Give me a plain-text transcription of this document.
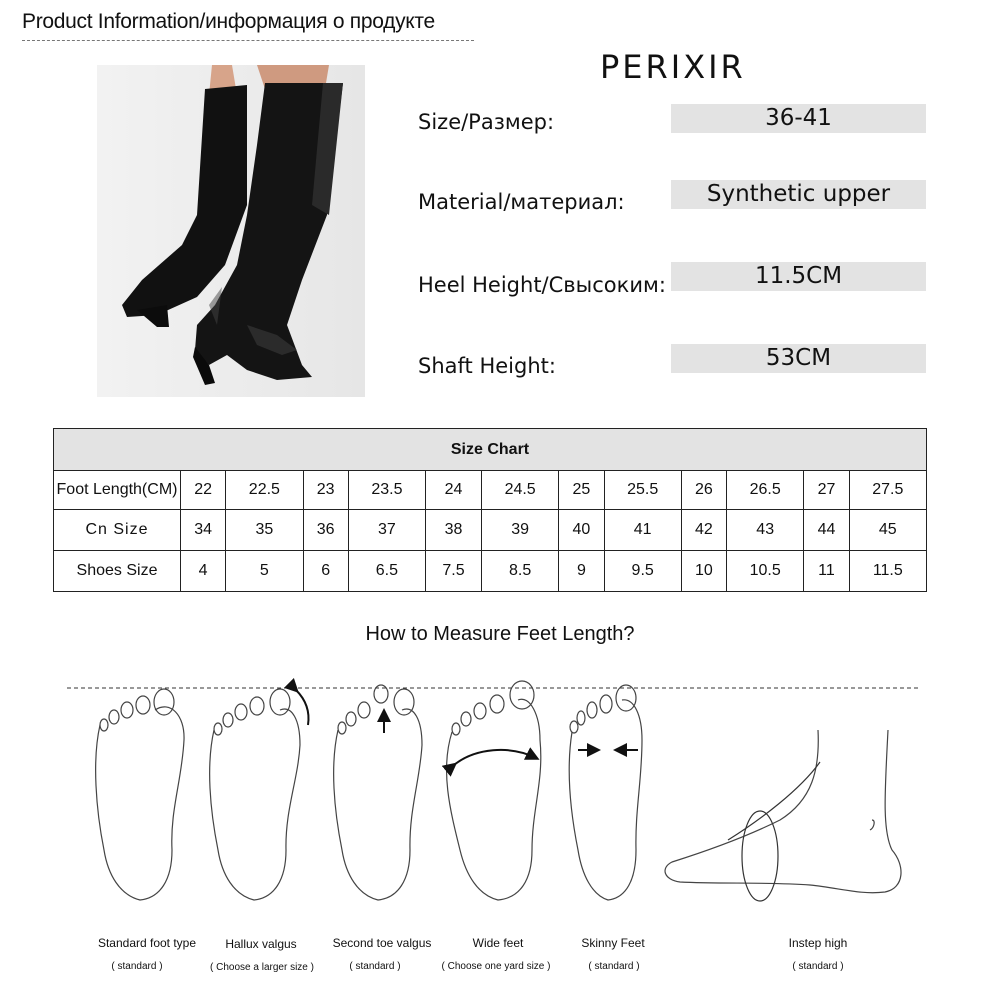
Product Information/информация о продукте
PERIXIR
Size/Размер:	36-41
Material/материал:	Synthetic upper
Heel Height/Свысоким:	11.5CM
Shaft Height:	53CM
Size Chart												
Foot Length(CM)	22	22.5	23	23.5	24	24.5	25	25.5	26	26.5	27	27.5
Cn Size	34	35	36	37	38	39	40	41	42	43	44	45
Shoes Size	4	5	6	6.5	7.5	8.5	9	9.5	10	10.5	11	11.5
How to Measure Feet Length?
Standard foot type
( standard )
Hallux valgus
( Choose a larger size )
Second toe valgus
( standard )
Wide feet
( Choose one yard size )
Skinny Feet
( standard )
Instep high
( standard )
